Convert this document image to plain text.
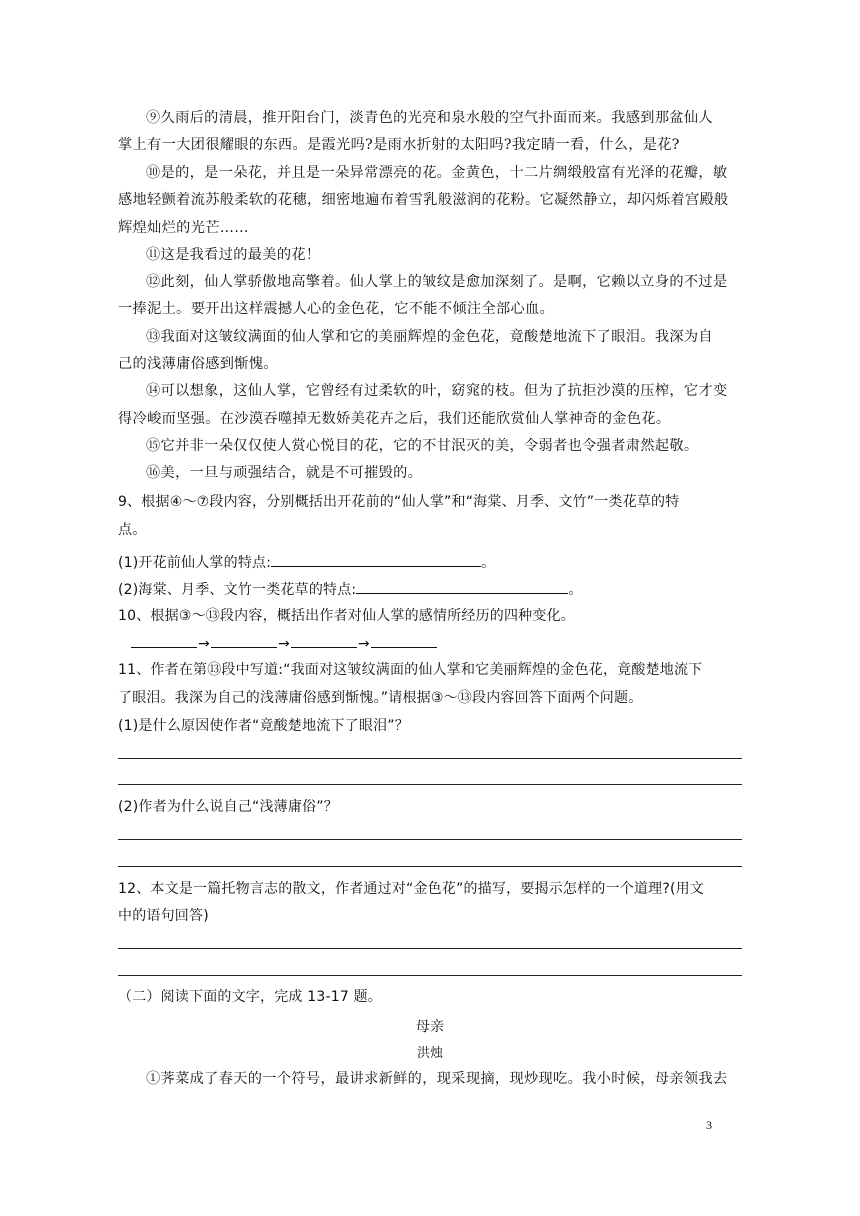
⑨久雨后的清晨，推开阳台门，淡青色的光亮和泉水般的空气扑面而来。我感到那盆仙人
掌上有一大团很耀眼的东西。是霞光吗?是雨水折射的太阳吗?我定睛一看，什么，是花?
⑩是的，是一朵花，并且是一朵异常漂亮的花。金黄色，十二片绸缎般富有光泽的花瓣，敏
感地轻颤着流苏般柔软的花穗，细密地遍布着雪乳般滋润的花粉。它凝然静立，却闪烁着宫殿般
辉煌灿烂的光芒……
⑪这是我看过的最美的花！
⑫此刻，仙人掌骄傲地高擎着。仙人掌上的皱纹是愈加深刻了。是啊，它赖以立身的不过是
一捧泥土。要开出这样震撼人心的金色花，它不能不倾注全部心血。
⑬我面对这皱纹满面的仙人掌和它的美丽辉煌的金色花，竟酸楚地流下了眼泪。我深为自
己的浅薄庸俗感到惭愧。
⑭可以想象，这仙人掌，它曾经有过柔软的叶，窈窕的枝。但为了抗拒沙漠的压榨，它才变
得冷峻而坚强。在沙漠吞噬掉无数娇美花卉之后，我们还能欣赏仙人掌神奇的金色花。
⑮它并非一朵仅仅使人赏心悦目的花，它的不甘泯灭的美，令弱者也令强者肃然起敬。
⑯美，一旦与顽强结合，就是不可摧毁的。
9、根据④～⑦段内容，分别概括出开花前的“仙人掌”和“海棠、月季、文竹”一类花草的特
点。
(1)开花前仙人掌的特点:	。
(2)海棠、月季、文竹一类花草的特点:	。
10、根据③～⑬段内容，概括出作者对仙人掌的感情所经历的四种变化。
→	→	→
11、作者在第⑬段中写道:“我面对这皱纹满面的仙人掌和它美丽辉煌的金色花，竟酸楚地流下
了眼泪。我深为自己的浅薄庸俗感到惭愧。”请根据③～⑬段内容回答下面两个问题。
(1)是什么原因使作者“竟酸楚地流下了眼泪”？
(2)作者为什么说自己“浅薄庸俗”？
12、本文是一篇托物言志的散文，作者通过对“金色花”的描写，要揭示怎样的一个道理?(用文
中的语句回答)
（二）阅读下面的文字，完成 13-17 题。
母亲
洪烛
①荠菜成了春天的一个符号，最讲求新鲜的，现采现摘，现炒现吃。我小时候，母亲领我去
3
